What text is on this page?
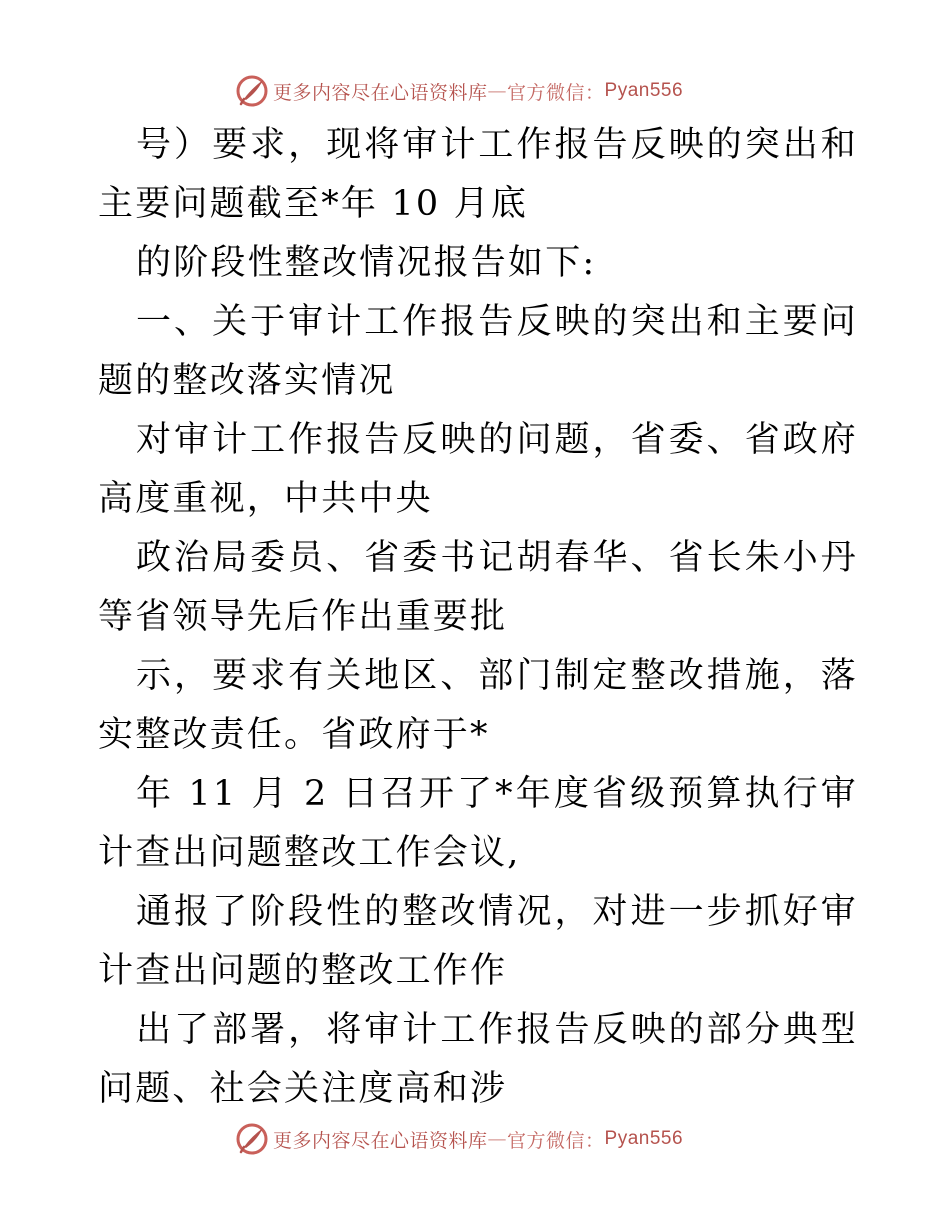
更多内容尽在心语资料库 — 官方微信： Pyan556

号）要求，现将审计工作报告反映的突出和主要问题截至*年 10 月底

的阶段性整改情况报告如下:

一、关于审计工作报告反映的突出和主要问题的整改落实情况

对审计工作报告反映的问题，省委、省政府高度重视，中共中央

政治局委员、省委书记胡春华、省长朱小丹等省领导先后作出重要批

示，要求有关地区、部门制定整改措施，落实整改责任。省政府于*

年 11 月 2 日召开了*年度省级预算执行审计查出问题整改工作会议,

通报了阶段性的整改情况，对进一步抓好审计查出问题的整改工作作

出了部署，将审计工作报告反映的部分典型问题、社会关注度高和涉

更多内容尽在心语资料库 — 官方微信： Pyan556
